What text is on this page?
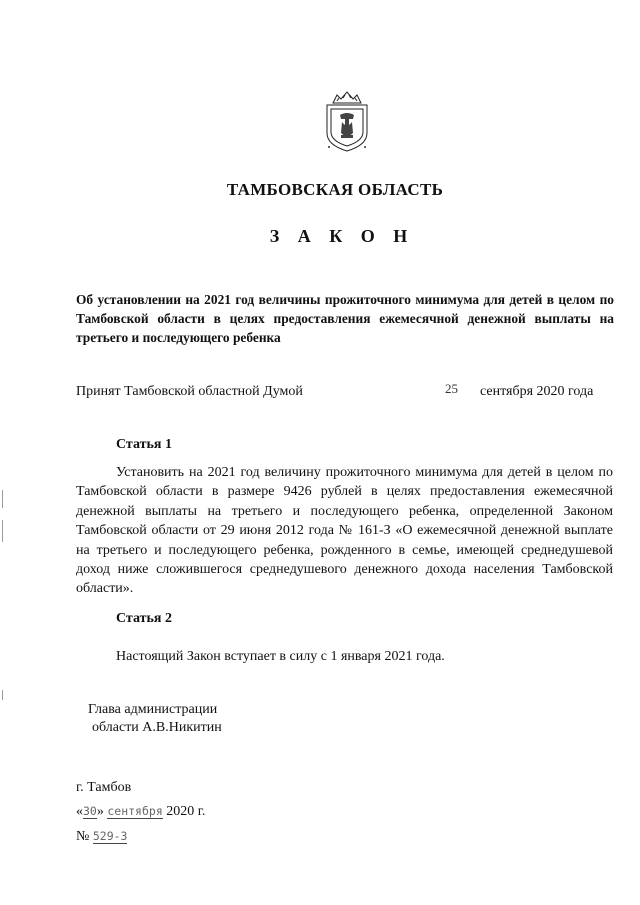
ТАМБОВСКАЯ ОБЛАСТЬ
З А К О Н
Об установлении на 2021 год величины прожиточного минимума для детей в целом по Тамбовской области в целях предоставления ежемесячной денежной выплаты на третьего и последующего ребенка
Принят Тамбовской областной Думой	25 сентября 2020 года
Статья 1
Установить на 2021 год величину прожиточного минимума для детей в целом по Тамбовской области в размере 9426 рублей в целях предоставления ежемесячной денежной выплаты на третьего и последующего ребенка, определенной Законом Тамбовской области от 29 июня 2012 года № 161-З «О ежемесячной денежной выплате на третьего и последующего ребенка, рожденного в семье, имеющей среднедушевой доход ниже сложившегося среднедушевого денежного дохода населения Тамбовской области».
Статья 2
Настоящий Закон вступает в силу с 1 января 2021 года.
Глава администрации
области А.В.Никитин
г. Тамбов
«30» сентября 2020 г.
№ 529-З
